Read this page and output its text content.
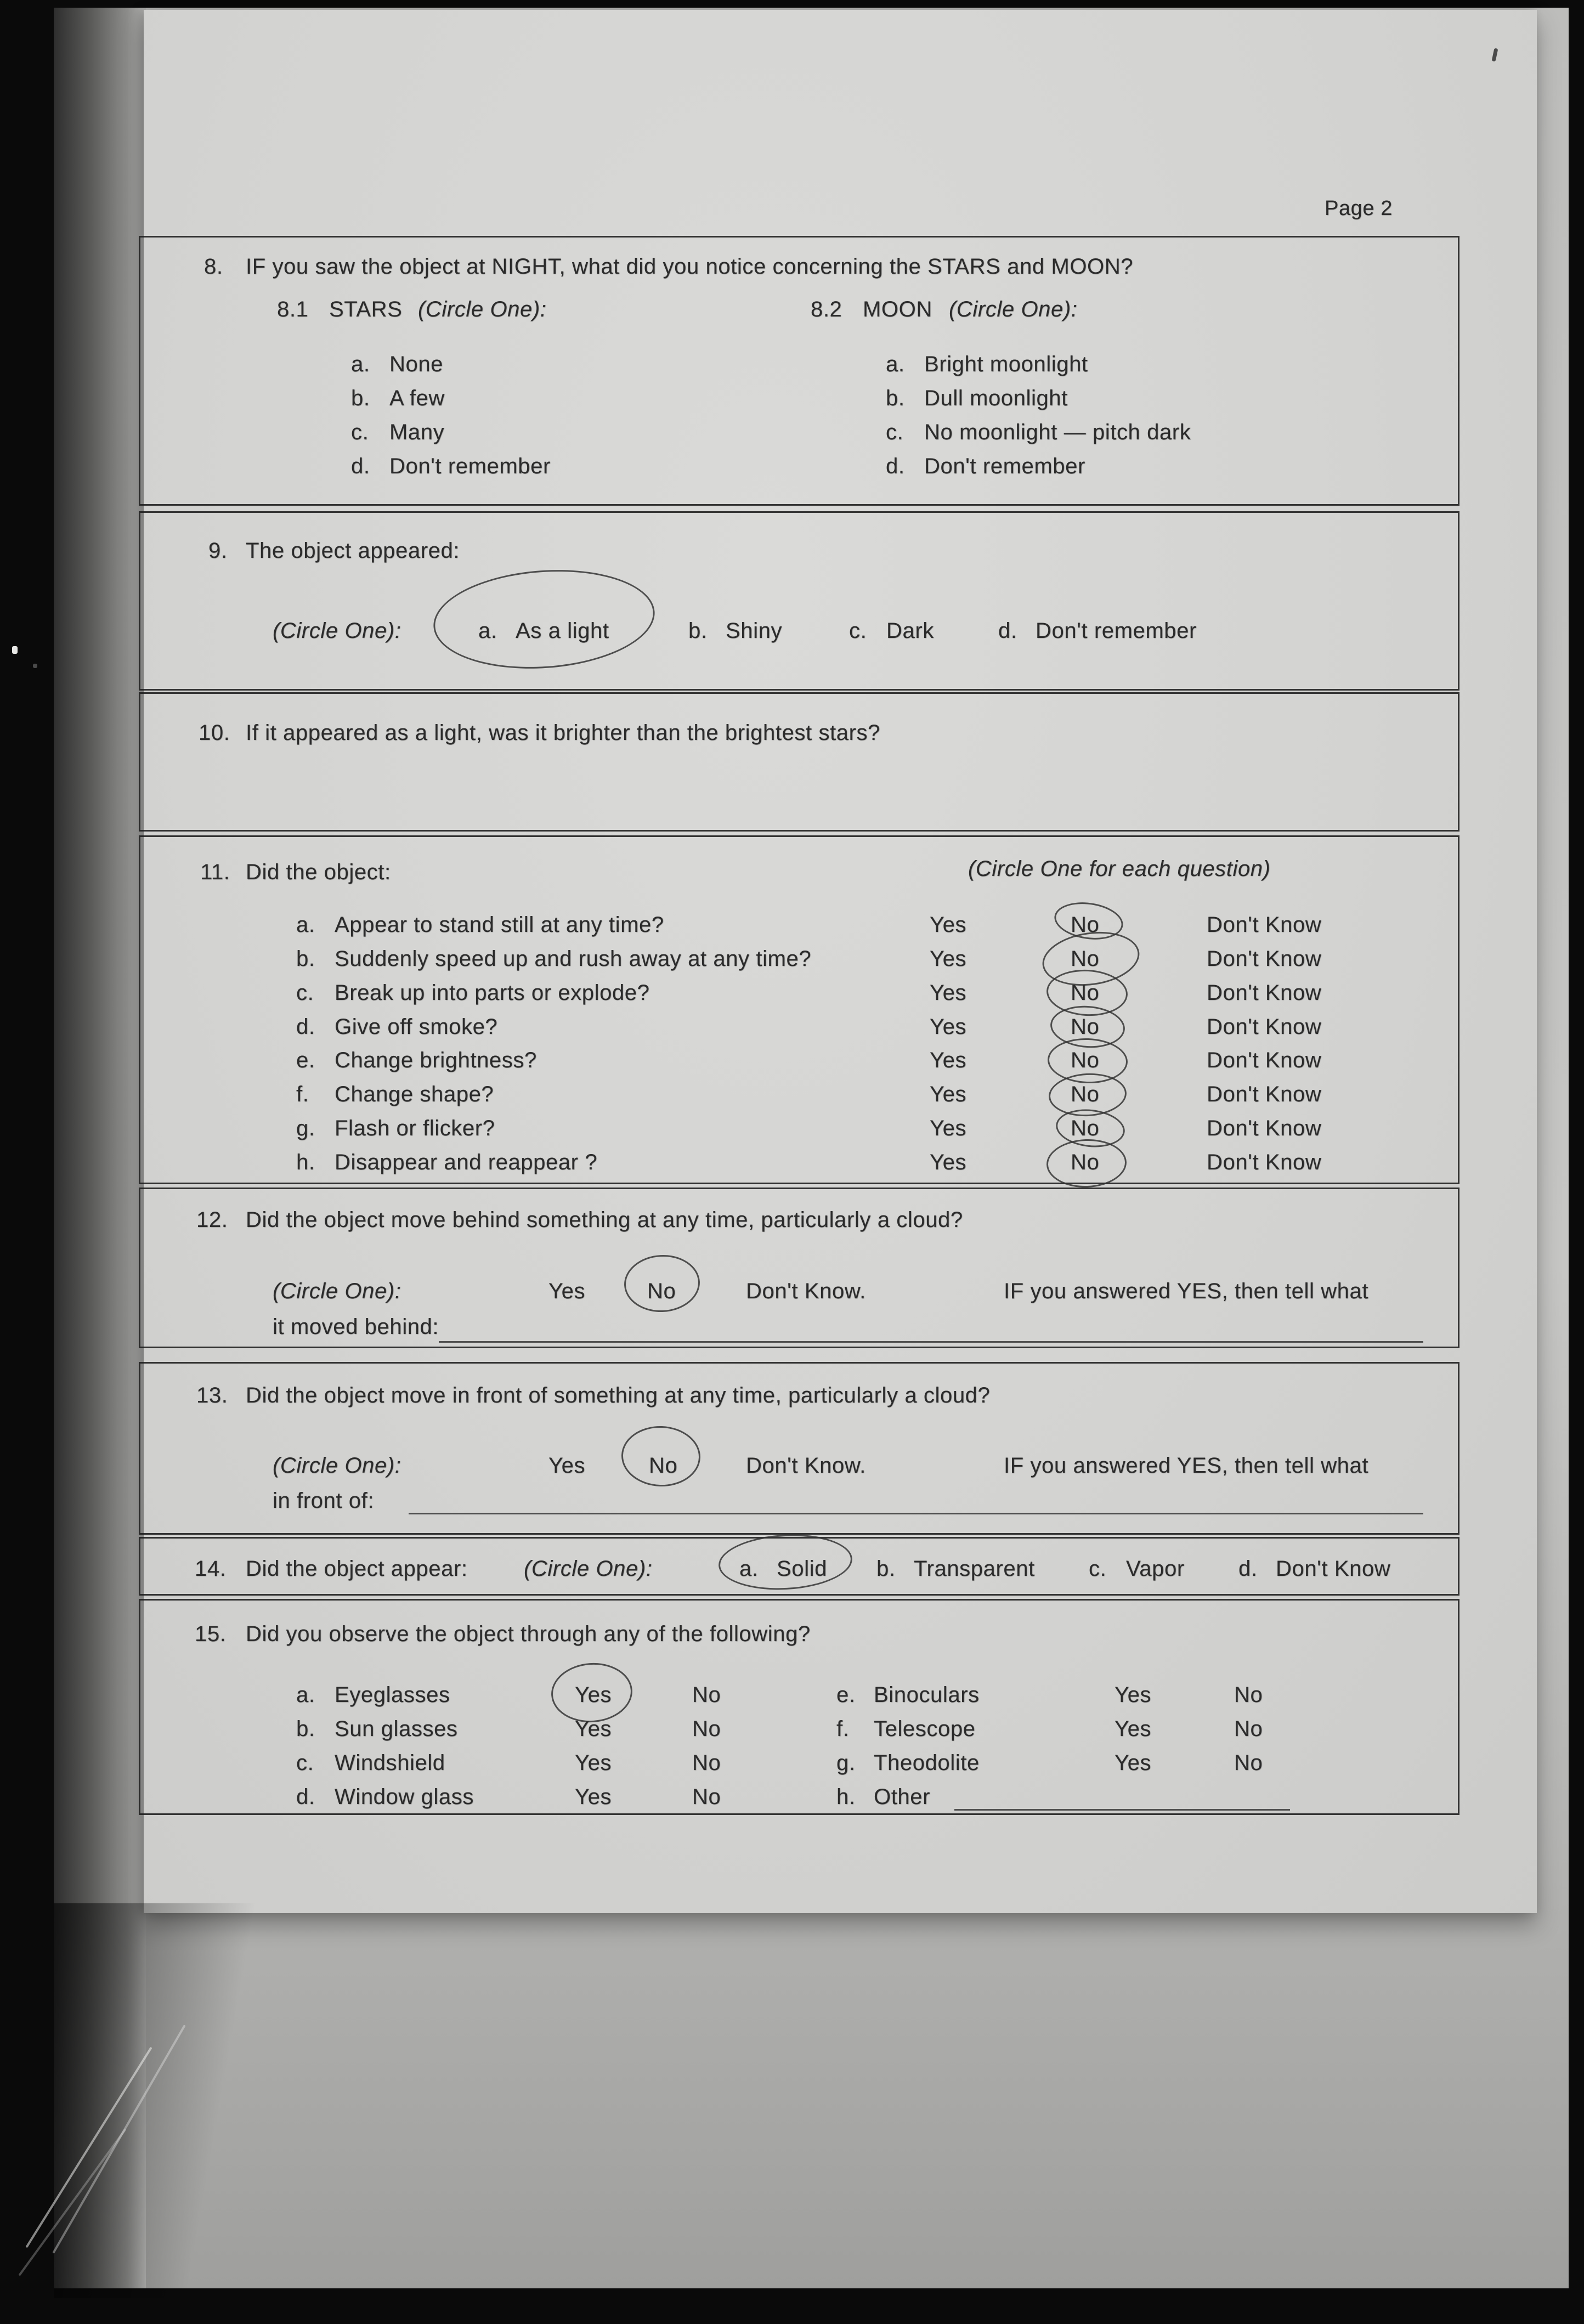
Page 2
8. IF you saw the object at NIGHT, what did you notice concerning the STARS and MOON?
8.1 STARS (Circle One):	8.2 MOON (Circle One):
a. None
b. A few
c. Many
d. Don't remember
a. Bright moonlight
b. Dull moonlight
c. No moonlight — pitch dark
d. Don't remember
9. The object appeared:
(Circle One):	a. As a light	b. Shiny	c. Dark	d. Don't remember
10. If it appeared as a light, was it brighter than the brightest stars?
11. Did the object:	(Circle One for each question)
a. Appear to stand still at any time?	Yes	No	Don't Know
b. Suddenly speed up and rush away at any time?	Yes	No	Don't Know
c. Break up into parts or explode?	Yes	No	Don't Know
d. Give off smoke?	Yes	No	Don't Know
e. Change brightness?	Yes	No	Don't Know
f. Change shape?	Yes	No	Don't Know
g. Flash or flicker?	Yes	No	Don't Know
h. Disappear and reappear ?	Yes	No	Don't Know
12. Did the object move behind something at any time, particularly a cloud?
(Circle One):	Yes	No	Don't Know.	IF you answered YES, then tell what
it moved behind:
13. Did the object move in front of something at any time, particularly a cloud?
(Circle One):	Yes	No	Don't Know.	IF you answered YES, then tell what
in front of:
14. Did the object appear:	(Circle One):	a. Solid b. Transparent c. Vapor d. Don't Know
15. Did you observe the object through any of the following?
a. Eyeglasses	Yes	No
b. Sun glasses	Yes	No
c. Windshield	Yes	No
d. Window glass	Yes	No
e. Binoculars	Yes	No
f. Telescope	Yes	No
g. Theodolite	Yes	No
h. Other
